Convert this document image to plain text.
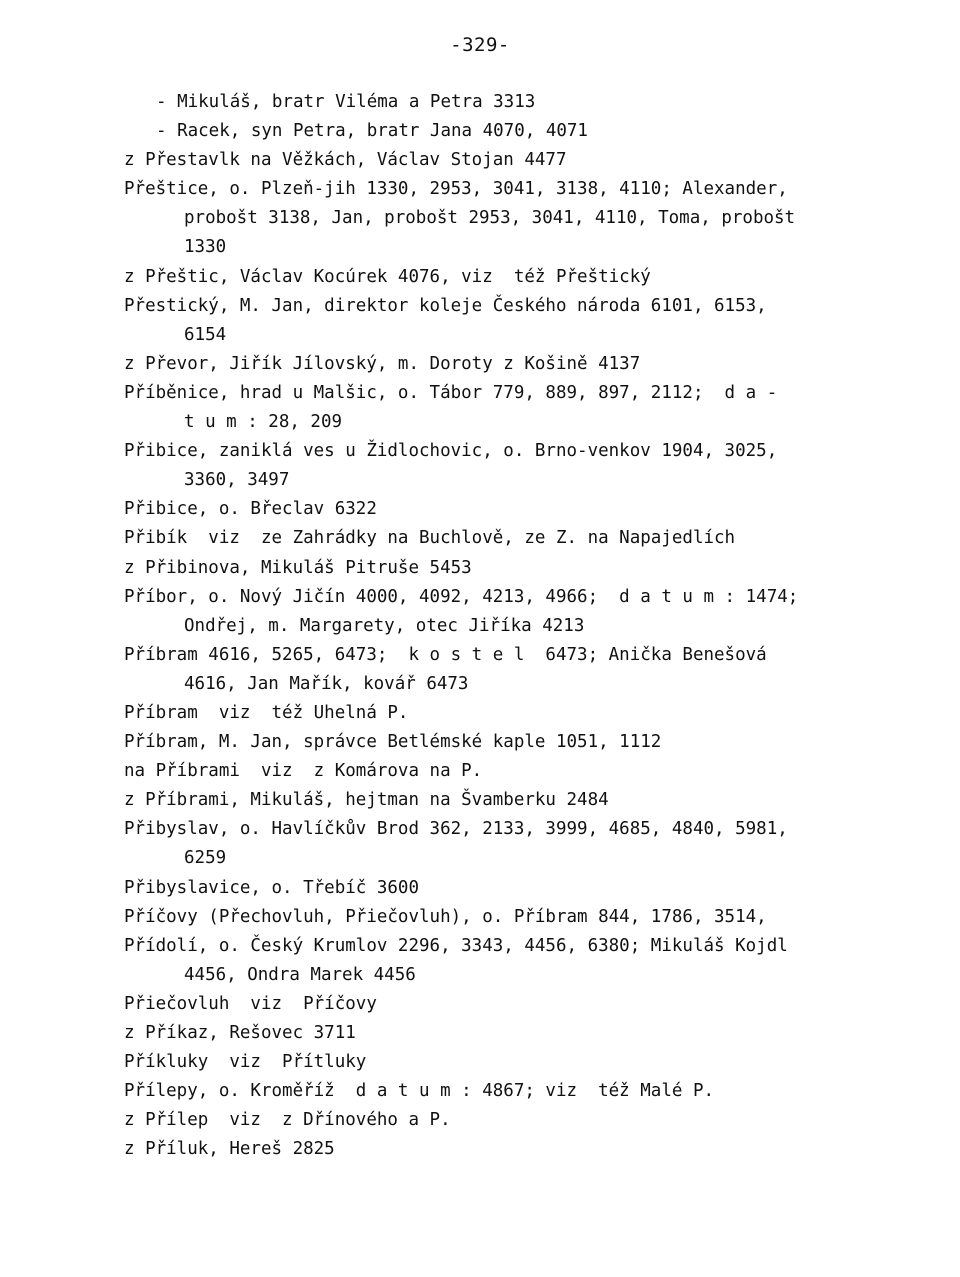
-329-
- Mikuláš, bratr Viléma a Petra 3313
- Racek, syn Petra, bratr Jana 4070, 4071
z Přestavlk na Věžkách, Václav Stojan 4477
Přeštice, o. Plzeň-jih 1330, 2953, 3041, 3138, 4110; Alexander,
probošt 3138, Jan, probošt 2953, 3041, 4110, Toma, probošt
1330
z Přeštic, Václav Kocúrek 4076, viz  též Přeštický
Přestický, M. Jan, direktor koleje Českého národa 6101, 6153,
6154
z Převor, Jiřík Jílovský, m. Doroty z Košině 4137
Příběnice, hrad u Malšic, o. Tábor 779, 889, 897, 2112;  d a -
t u m : 28, 209
Přibice, zaniklá ves u Židlochovic, o. Brno-venkov 1904, 3025,
3360, 3497
Přibice, o. Břeclav 6322
Přibík  viz  ze Zahrádky na Buchlově, ze Z. na Napajedlích
z Přibinova, Mikuláš Pitruše 5453
Příbor, o. Nový Jičín 4000, 4092, 4213, 4966;  d a t u m : 1474;
Ondřej, m. Margarety, otec Jiříka 4213
Příbram 4616, 5265, 6473;  k o s t e l  6473; Anička Benešová
4616, Jan Mařík, kovář 6473
Příbram  viz  též Uhelná P.
Příbram, M. Jan, správce Betlémské kaple 1051, 1112
na Příbrami  viz  z Komárova na P.
z Příbrami, Mikuláš, hejtman na Švamberku 2484
Přibyslav, o. Havlíčkův Brod 362, 2133, 3999, 4685, 4840, 5981,
6259
Přibyslavice, o. Třebíč 3600
Příčovy (Přechovluh, Přiečovluh), o. Příbram 844, 1786, 3514,
Přídolí, o. Český Krumlov 2296, 3343, 4456, 6380; Mikuláš Kojdl
4456, Ondra Marek 4456
Přiečovluh  viz  Příčovy
z Příkaz, Rešovec 3711
Příkluky  viz  Přítluky
Přílepy, o. Kroměříž  d a t u m : 4867; viz  též Malé P.
z Přílep  viz  z Dřínového a P.
z Příluk, Hereš 2825
